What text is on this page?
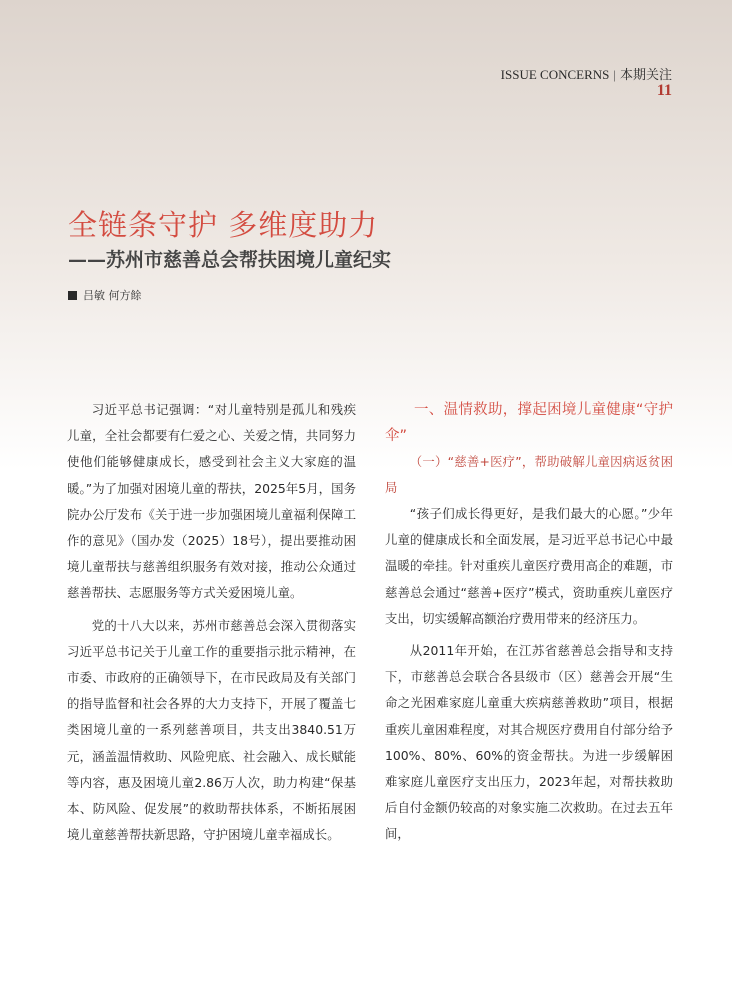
ISSUE CONCERNS | 本期关注
11
全链条守护 多维度助力
——苏州市慈善总会帮扶困境儿童纪实
吕敏 何方餘

习近平总书记强调：“对儿童特别是孤儿和残疾儿童，全社会都要有仁爱之心、关爱之情，共同努力使他们能够健康成长，感受到社会主义大家庭的温暖。”为了加强对困境儿童的帮扶，2025年5月，国务院办公厅发布《关于进一步加强困境儿童福利保障工作的意见》（国办发（2025）18号），提出要推动困境儿童帮扶与慈善组织服务有效对接，推动公众通过慈善帮扶、志愿服务等方式关爱困境儿童。

党的十八大以来，苏州市慈善总会深入贯彻落实习近平总书记关于儿童工作的重要指示批示精神，在市委、市政府的正确领导下，在市民政局及有关部门的指导监督和社会各界的大力支持下，开展了覆盖七类困境儿童的一系列慈善项目，共支出3840.51万元，涵盖温情救助、风险兜底、社会融入、成长赋能等内容，惠及困境儿童2.86万人次，助力构建“保基本、防风险、促发展”的救助帮扶体系，不断拓展困境儿童慈善帮扶新思路，守护困境儿童幸福成长。

一、温情救助，撑起困境儿童健康“守护伞”

（一）“慈善+医疗”，帮助破解儿童因病返贫困局

“孩子们成长得更好，是我们最大的心愿。”少年儿童的健康成长和全面发展，是习近平总书记心中最温暖的牵挂。针对重疾儿童医疗费用高企的难题，市慈善总会通过“慈善+医疗”模式，资助重疾儿童医疗支出，切实缓解高额治疗费用带来的经济压力。

从2011年开始，在江苏省慈善总会指导和支持下，市慈善总会联合各县级市（区）慈善会开展“生命之光困难家庭儿童重大疾病慈善救助”项目，根据重疾儿童困难程度，对其合规医疗费用自付部分给予100%、80%、60%的资金帮扶。为进一步缓解困难家庭儿童医疗支出压力，2023年起，对帮扶救助后自付金额仍较高的对象实施二次救助。在过去五年间，
